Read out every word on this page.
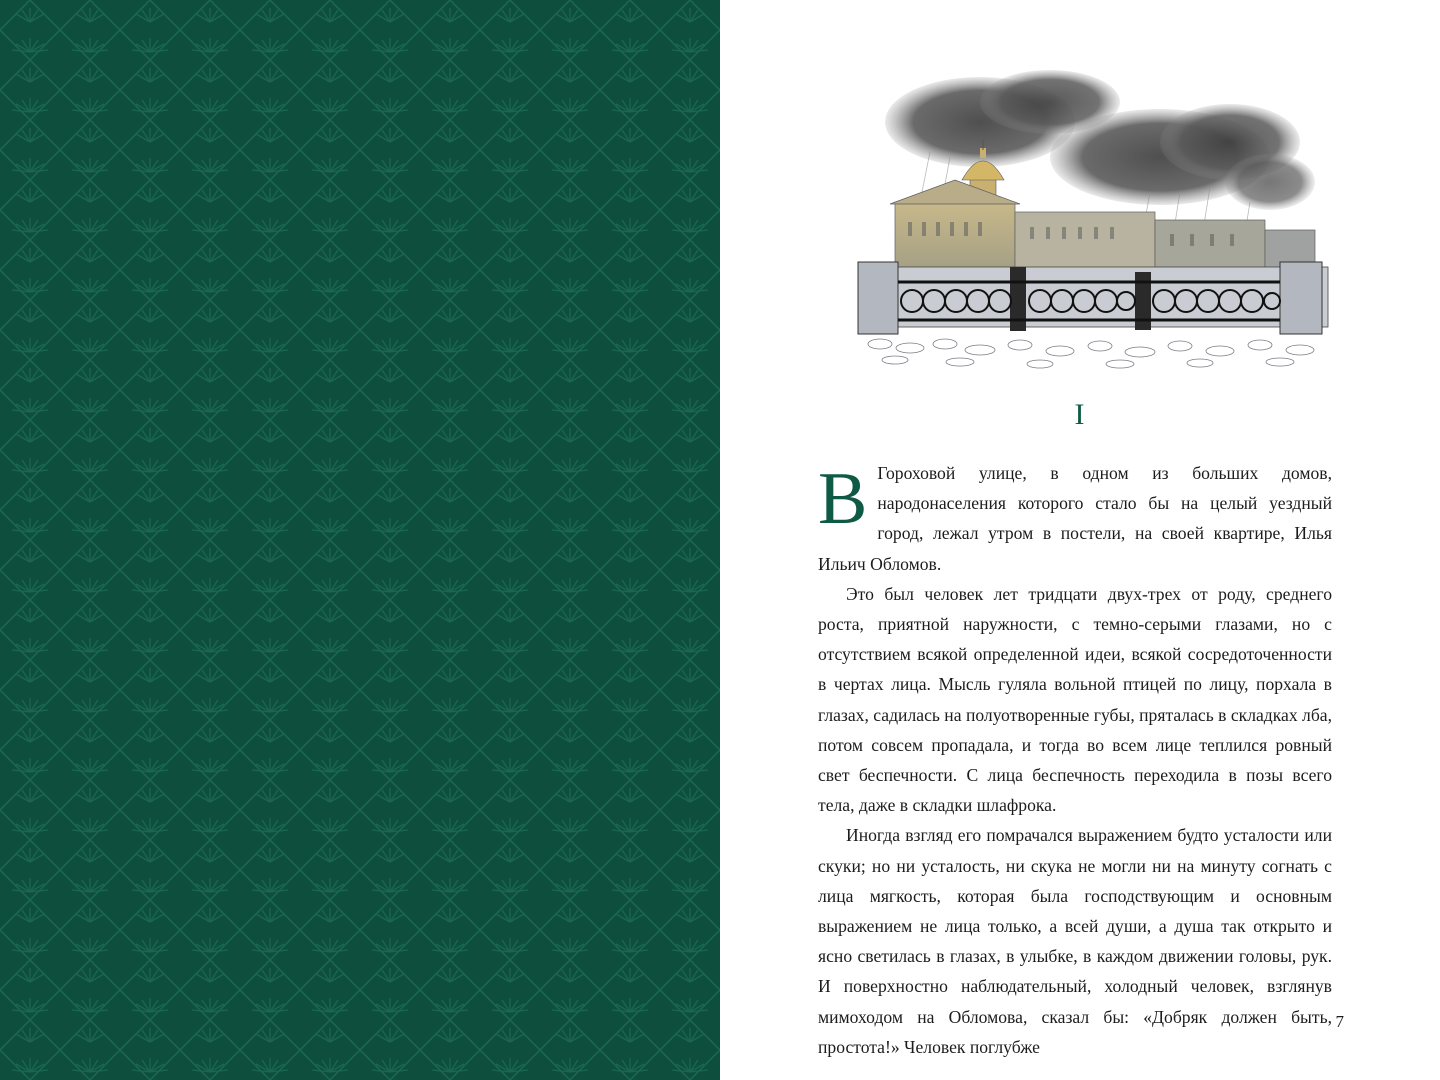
I

В Гороховой улице, в одном из больших домов, народонаселения которого стало бы на целый уездный город, лежал утром в постели, на своей квартире, Илья Ильич Обломов.

Это был человек лет тридцати двух-трех от роду, среднего роста, приятной наружности, с темно-серыми глазами, но с отсутствием всякой определенной идеи, всякой сосредоточенности в чертах лица. Мысль гуляла вольной птицей по лицу, порхала в глазах, садилась на полуотворенные губы, пряталась в складках лба, потом совсем пропадала, и тогда во всем лице теплился ровный свет беспечности. С лица беспечность переходила в позы всего тела, даже в складки шлафрока.

Иногда взгляд его помрачался выражением будто усталости или скуки; но ни усталость, ни скука не могли ни на минуту согнать с лица мягкость, которая была господствующим и основным выражением не лица только, а всей души, а душа так открыто и ясно светилась в глазах, в улыбке, в каждом движении головы, рук. И поверхностно наблюдательный, холодный человек, взглянув мимоходом на Обломова, сказал бы: «Добряк должен быть, простота!» Человек поглубже

7
